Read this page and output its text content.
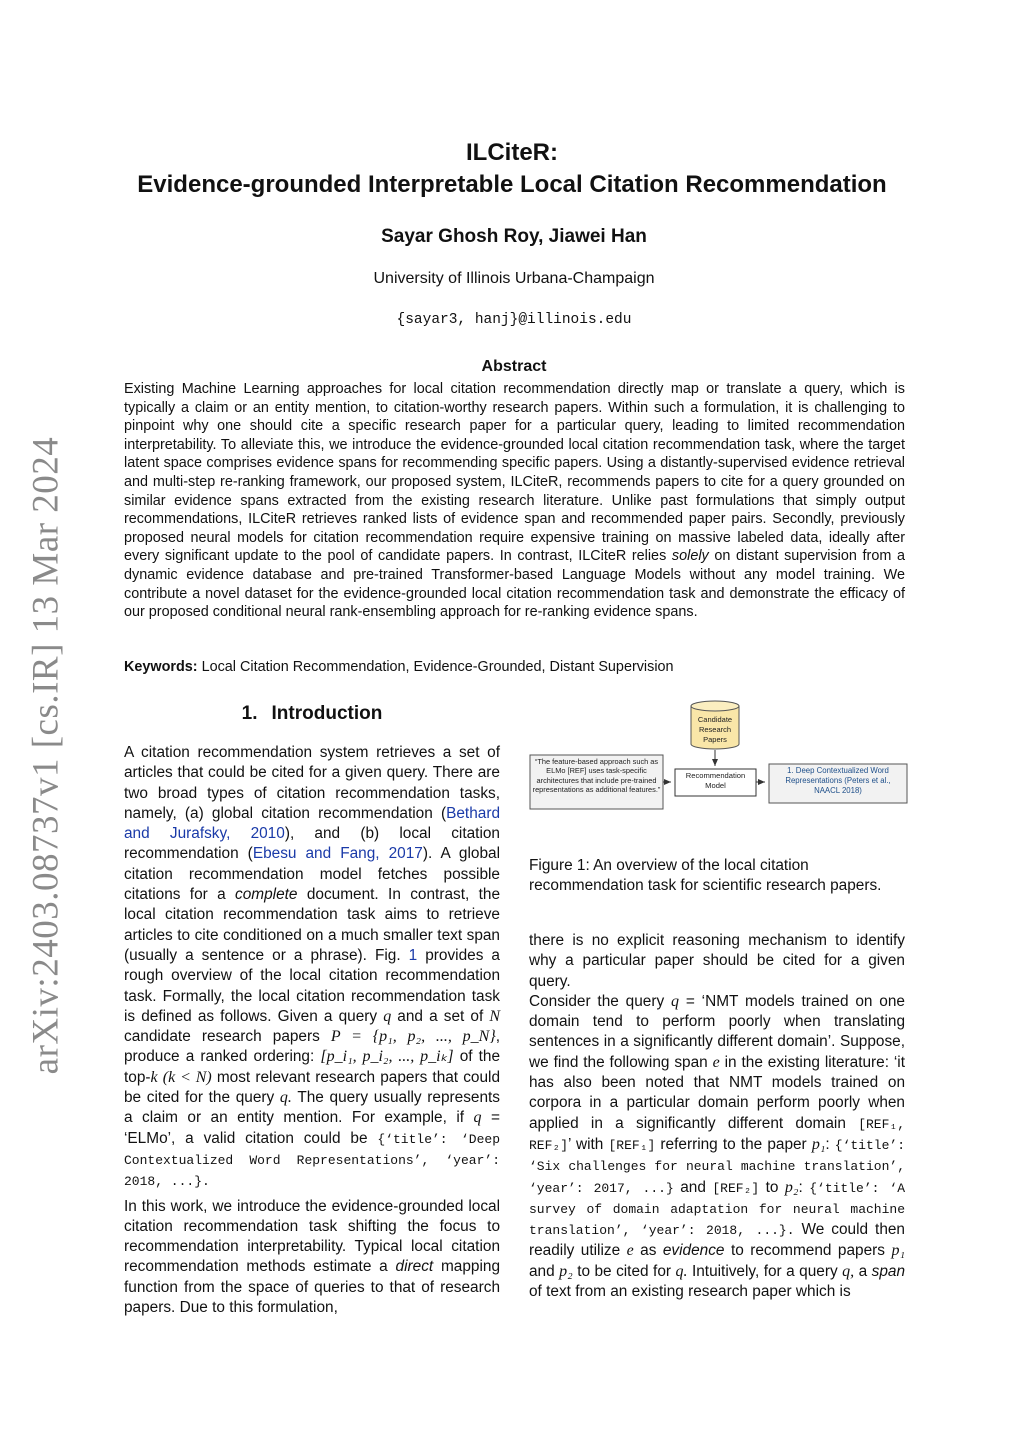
arXiv:2403.08737v1 [cs.IR] 13 Mar 2024
ILCiteR:
Evidence-grounded Interpretable Local Citation Recommendation
Sayar Ghosh Roy, Jiawei Han
University of Illinois Urbana-Champaign
{sayar3, hanj}@illinois.edu
Abstract
Existing Machine Learning approaches for local citation recommendation directly map or translate a query, which is typically a claim or an entity mention, to citation-worthy research papers. Within such a formulation, it is challenging to pinpoint why one should cite a specific research paper for a particular query, leading to limited recommendation interpretability. To alleviate this, we introduce the evidence-grounded local citation recommendation task, where the target latent space comprises evidence spans for recommending specific papers. Using a distantly-supervised evidence retrieval and multi-step re-ranking framework, our proposed system, ILCiteR, recommends papers to cite for a query grounded on similar evidence spans extracted from the existing research literature. Unlike past formulations that simply output recommendations, ILCiteR retrieves ranked lists of evidence span and recommended paper pairs. Secondly, previously proposed neural models for citation recommendation require expensive training on massive labeled data, ideally after every significant update to the pool of candidate papers. In contrast, ILCiteR relies solely on distant supervision from a dynamic evidence database and pre-trained Transformer-based Language Models without any model training. We contribute a novel dataset for the evidence-grounded local citation recommendation task and demonstrate the efficacy of our proposed conditional neural rank-ensembling approach for re-ranking evidence spans.
Keywords: Local Citation Recommendation, Evidence-Grounded, Distant Supervision
1. Introduction

A citation recommendation system retrieves a set of articles that could be cited for a given query. There are two broad types of citation recommendation tasks, namely, (a) global citation recommendation (Bethard and Jurafsky, 2010), and (b) local citation recommendation (Ebesu and Fang, 2017). A global citation recommendation model fetches possible citations for a complete document. In contrast, the local citation recommendation task aims to retrieve articles to cite conditioned on a much smaller text span (usually a sentence or a phrase). Fig. 1 provides a rough overview of the local citation recommendation task. Formally, the local citation recommendation task is defined as follows. Given a query q and a set of N candidate research papers P = {p₁, p₂, ..., p_N}, produce a ranked ordering: [p_i₁, p_i₂, ..., p_iₖ] of the top-k (k < N) most relevant research papers that could be cited for the query q. The query usually represents a claim or an entity mention. For example, if q = ‘ELMo’, a valid citation could be {‘title’: ‘Deep Contextualized Word Representations’, ‘year’: 2018, ...}.

In this work, we introduce the evidence-grounded local citation recommendation task shifting the focus to recommendation interpretability. Typical local citation recommendation methods estimate a direct mapping function from the space of queries to that of research papers. Due to this formulation,

Candidate Research Papers
“The feature-based approach such as ELMo [REF] uses task-specific architectures that include pre-trained representations as additional features.”
Recommendation Model
1. Deep Contextualized Word Representations (Peters et al., NAACL 2018)
Figure 1: An overview of the local citation recommendation task for scientific research papers.

there is no explicit reasoning mechanism to identify why a particular paper should be cited for a given query.

Consider the query q = ‘NMT models trained on one domain tend to perform poorly when translating sentences in a significantly different domain’. Suppose, we find the following span e in the existing literature: ‘it has also been noted that NMT models trained on corpora in a particular domain perform poorly when applied in a significantly different domain [REF₁, REF₂]’ with [REF₁] referring to the paper p₁: {‘title’: ‘Six challenges for neural machine translation’, ‘year’: 2017, ...} and [REF₂] to p₂: {‘title’: ‘A survey of domain adaptation for neural machine translation’, ‘year’: 2018, ...}. We could then readily utilize e as evidence to recommend papers p₁ and p₂ to be cited for q. Intuitively, for a query q, a span of text from an existing research paper which is
